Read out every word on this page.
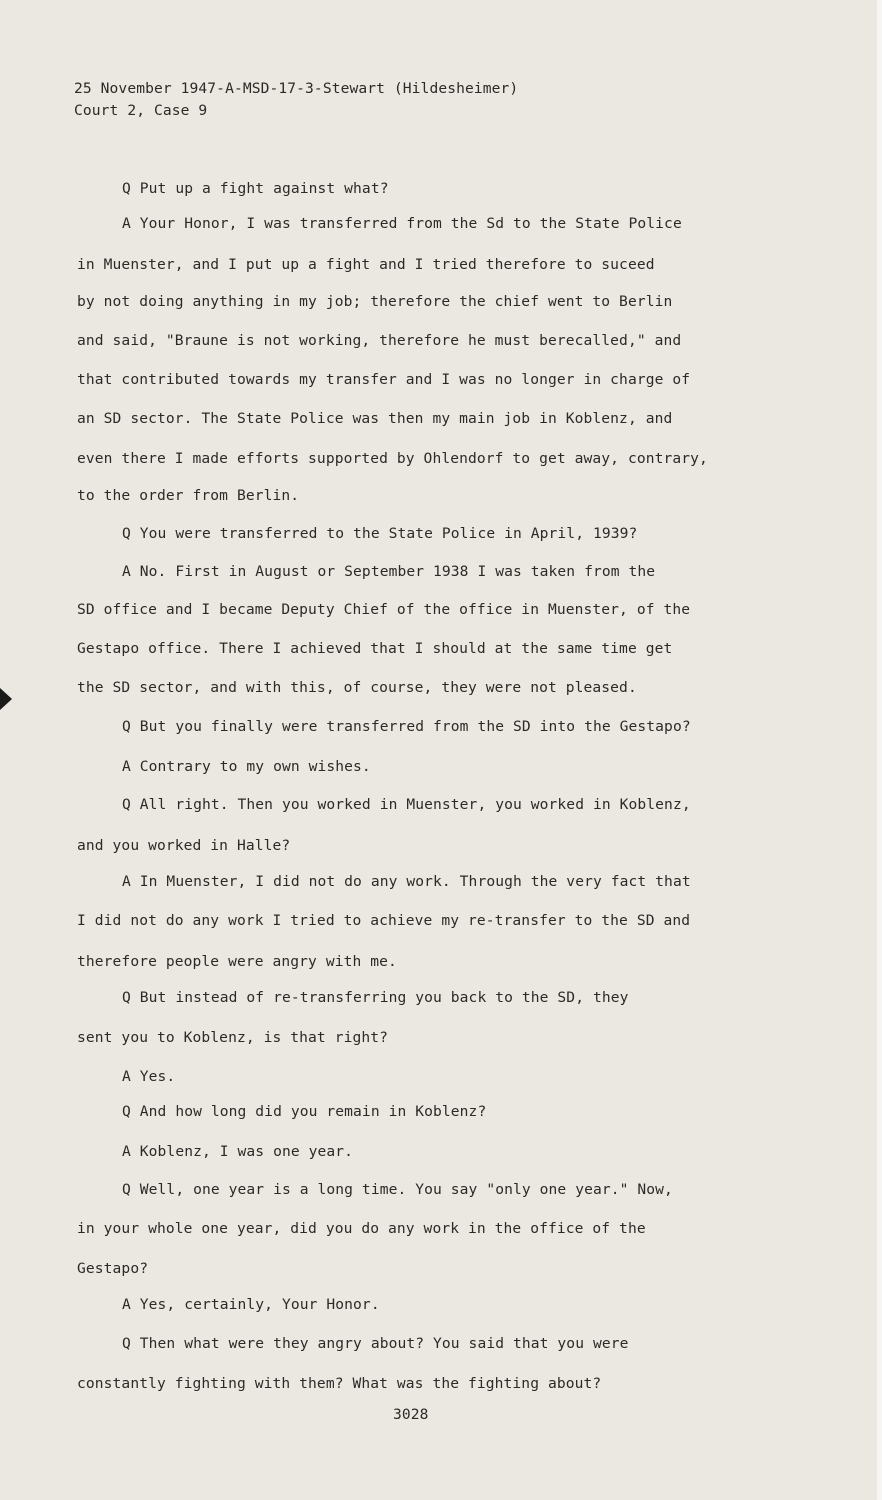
25 November 1947-A-MSD-17-3-Stewart (Hildesheimer)
Court 2, Case 9
Q Put up a fight against what?
A Your Honor, I was transferred from the Sd to the State Police
in Muenster, and I put up a fight and I tried therefore to suceed
by not doing anything in my job; therefore the chief went to Berlin
and said, "Braune is not working, therefore he must berecalled," and
that contributed towards my transfer and I was no longer in charge of
an SD sector. The State Police was then my main job in Koblenz, and
even there I made efforts supported by Ohlendorf to get away, contrary,
to the order from Berlin.
Q You were transferred to the State Police in April, 1939?
A No. First in August or September 1938 I was taken from the
SD office and I became Deputy Chief of the office in Muenster, of the
Gestapo office. There I achieved that I should at the same time get
the SD sector, and with this, of course, they were not pleased.
Q But you finally were transferred from the SD into the Gestapo?
A Contrary to my own wishes.
Q All right. Then you worked in Muenster, you worked in Koblenz,
and you worked in Halle?
A In Muenster, I did not do any work. Through the very fact that
I did not do any work I tried to achieve my re-transfer to the SD and
therefore people were angry with me.
Q But instead of re-transferring you back to the SD, they
sent you to Koblenz, is that right?
A Yes.
Q And how long did you remain in Koblenz?
A Koblenz, I was one year.
Q Well, one year is a long time. You say "only one year." Now,
in your whole one year, did you do any work in the office of the
Gestapo?
A Yes, certainly, Your Honor.
Q Then what were they angry about? You said that you were
constantly fighting with them? What was the fighting about?
3028
